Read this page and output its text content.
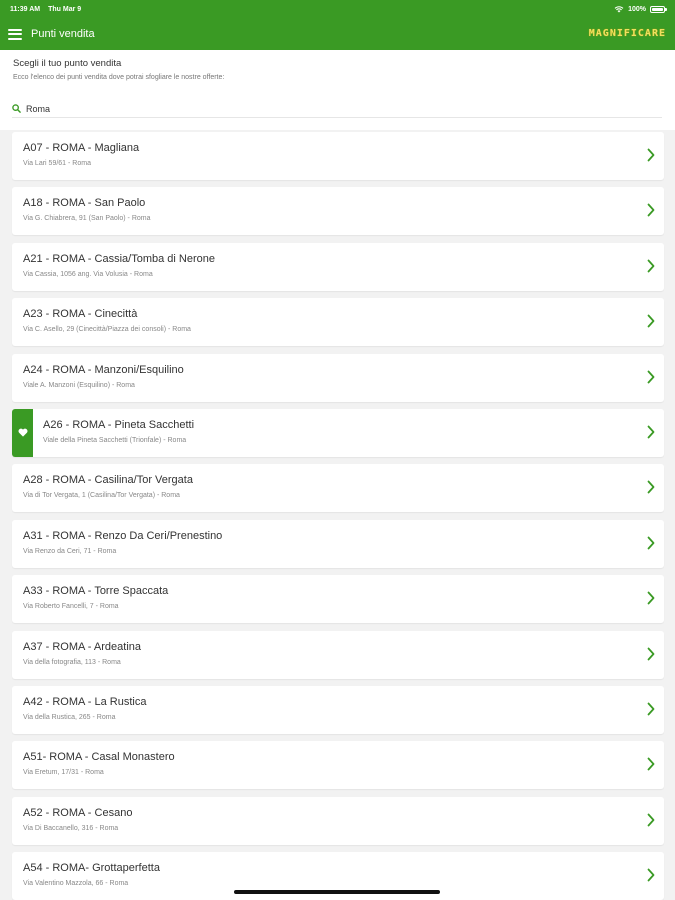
11:39 AM Thu Mar 9	100%
Punti vendita	MAGNIFICARE
Scegli il tuo punto vendita
Ecco l'elenco dei punti vendita dove potrai sfogliare le nostre offerte:
Roma
A07 - ROMA - Magliana
Via Lari 59/61 - Roma
A18 - ROMA - San Paolo
Via G. Chiabrera, 91 (San Paolo) - Roma
A21 - ROMA - Cassia/Tomba di Nerone
Via Cassia, 1056 ang. Via Volusia - Roma
A23 - ROMA - Cinecittà
Via C. Asello, 29 (Cinecittà/Piazza dei consoli) - Roma
A24 - ROMA - Manzoni/Esquilino
Viale A. Manzoni (Esquilino) - Roma
A26 - ROMA - Pineta Sacchetti
Viale della Pineta Sacchetti (Trionfale) - Roma
A28 - ROMA - Casilina/Tor Vergata
Via di Tor Vergata, 1 (Casilina/Tor Vergata) - Roma
A31 - ROMA - Renzo Da Ceri/Prenestino
Via Renzo da Ceri, 71 - Roma
A33 - ROMA - Torre Spaccata
Via Roberto Fancelli, 7 - Roma
A37 - ROMA - Ardeatina
Via della fotografia, 113 - Roma
A42 - ROMA - La Rustica
Via della Rustica, 265 - Roma
A51- ROMA - Casal Monastero
Via Eretum, 17/31 - Roma
A52 - ROMA - Cesano
Via Di Baccanello, 316 - Roma
A54 - ROMA- Grottaperfetta
Via Valentino Mazzola, 66 - Roma
